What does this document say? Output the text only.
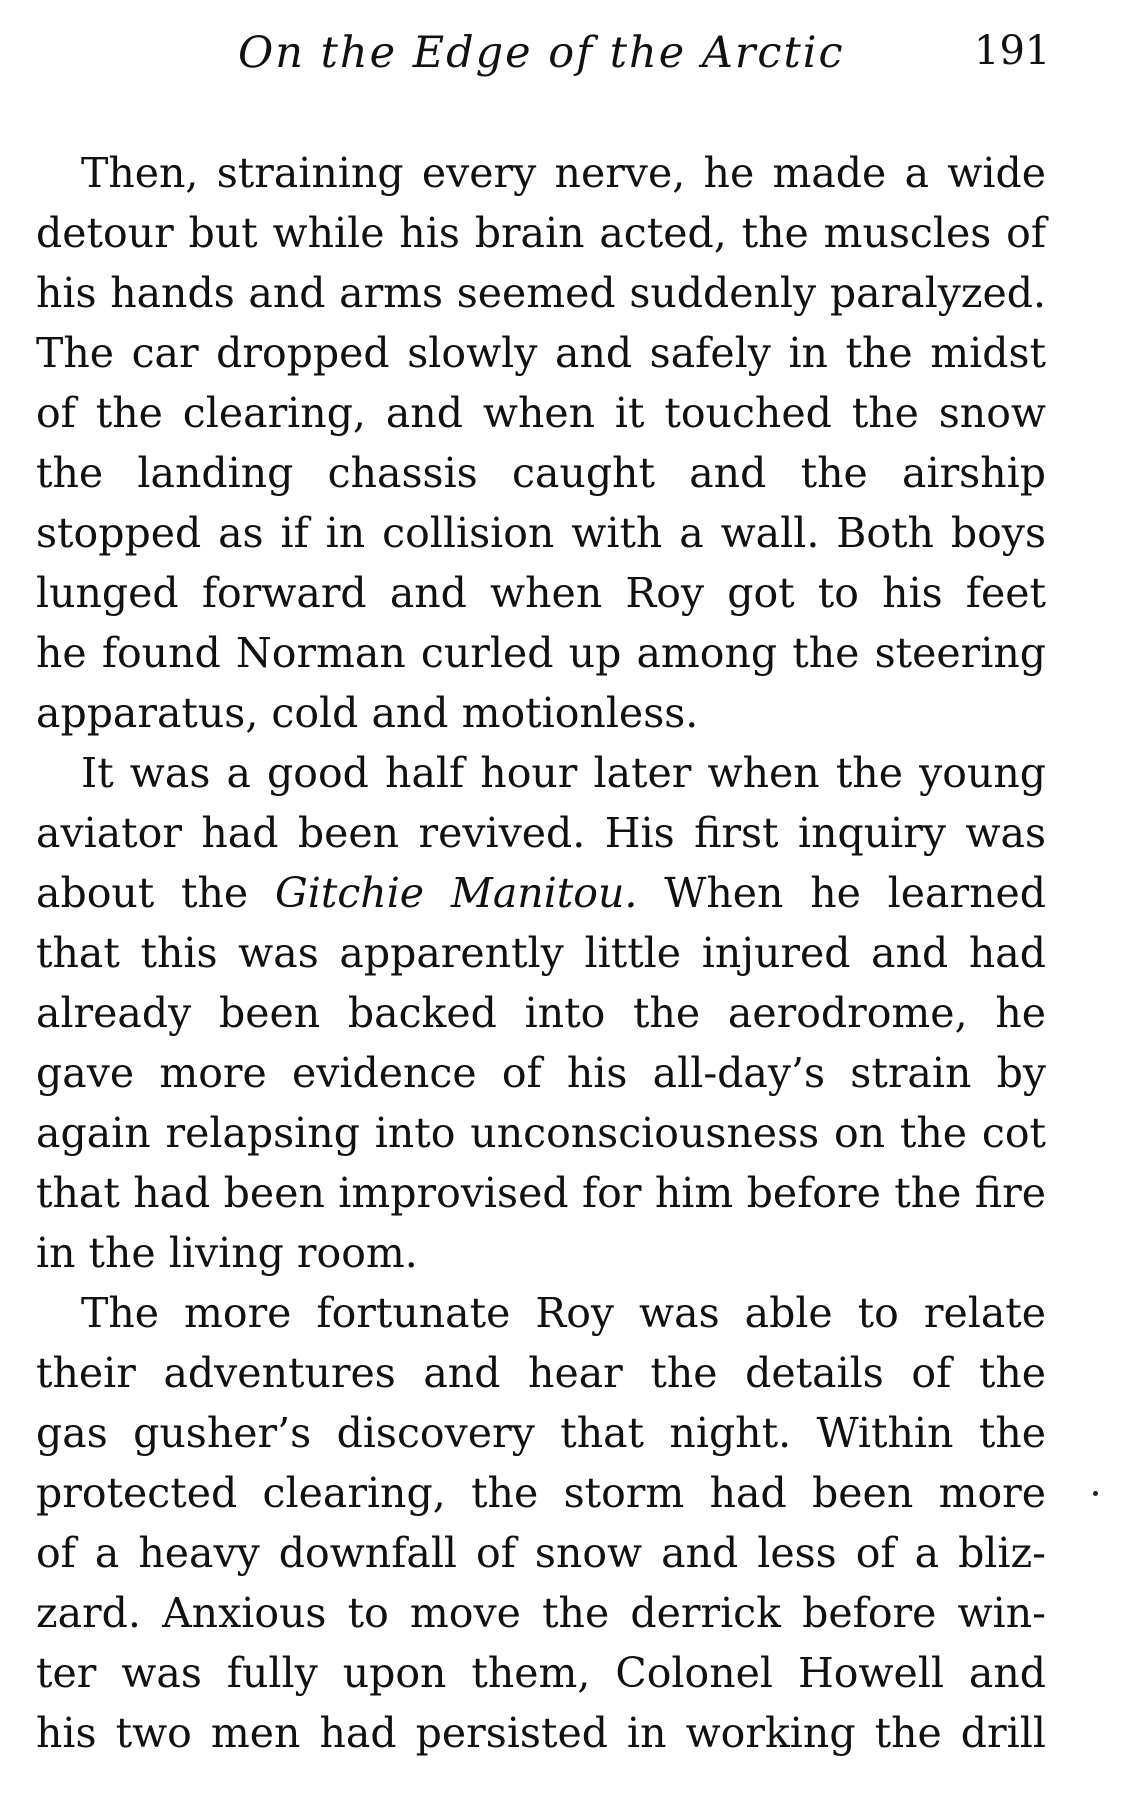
On the Edge of the Arctic	191
Then, straining every nerve, he made a wide
detour but while his brain acted, the muscles of
his hands and arms seemed suddenly paralyzed.
The car dropped slowly and safely in the midst
of the clearing, and when it touched the snow
the landing chassis caught and the airship
stopped as if in collision with a wall. Both boys
lunged forward and when Roy got to his feet
he found Norman curled up among the steering
apparatus, cold and motionless.
It was a good half hour later when the young
aviator had been revived. His first inquiry was
about the Gitchie Manitou. When he learned
that this was apparently little injured and had
already been backed into the aerodrome, he
gave more evidence of his all-day’s strain by
again relapsing into unconsciousness on the cot
that had been improvised for him before the fire
in the living room.
The more fortunate Roy was able to relate
their adventures and hear the details of the
gas gusher’s discovery that night. Within the
protected clearing, the storm had been more
of a heavy downfall of snow and less of a bliz-
zard. Anxious to move the derrick before win-
ter was fully upon them, Colonel Howell and
his two men had persisted in working the drill
